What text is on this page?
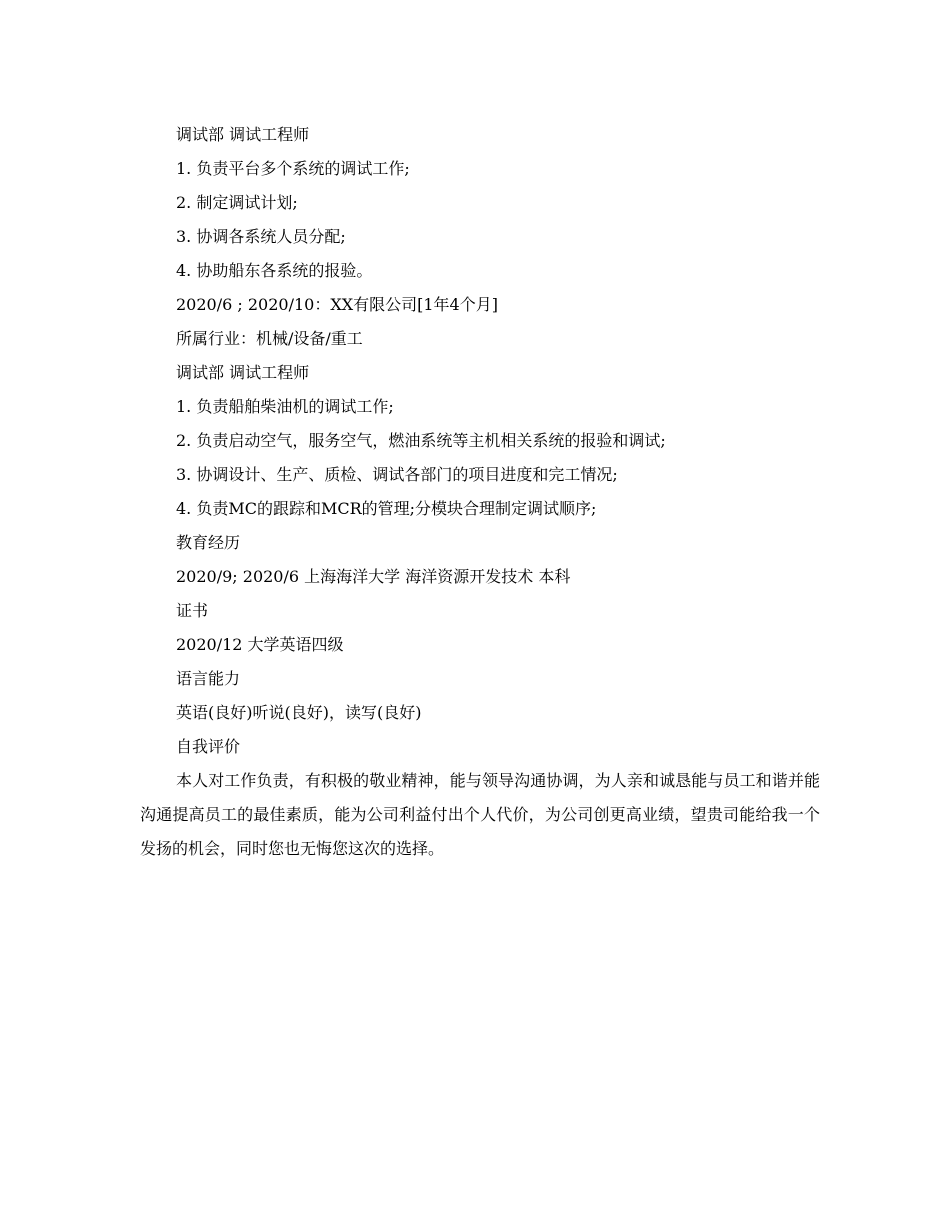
调试部 调试工程师

1. 负责平台多个系统的调试工作;

2. 制定调试计划;

3. 协调各系统人员分配;

4. 协助船东各系统的报验。

2020/6 ; 2020/10：XX有限公司[1年4个月]

所属行业：机械/设备/重工

调试部 调试工程师

1. 负责船舶柴油机的调试工作;

2. 负责启动空气，服务空气，燃油系统等主机相关系统的报验和调试;

3. 协调设计、生产、质检、调试各部门的项目进度和完工情况;

4. 负责MC的跟踪和MCR的管理;分模块合理制定调试顺序;

教育经历

2020/9; 2020/6 上海海洋大学 海洋资源开发技术 本科

证书

2020/12 大学英语四级

语言能力

英语(良好)听说(良好)，读写(良好)

自我评价

本人对工作负责，有积极的敬业精神，能与领导沟通协调，为人亲和诚恳能与员工和谐并能沟通提高员工的最佳素质，能为公司利益付出个人代价，为公司创更高业绩，望贵司能给我一个发扬的机会，同时您也无悔您这次的选择。
